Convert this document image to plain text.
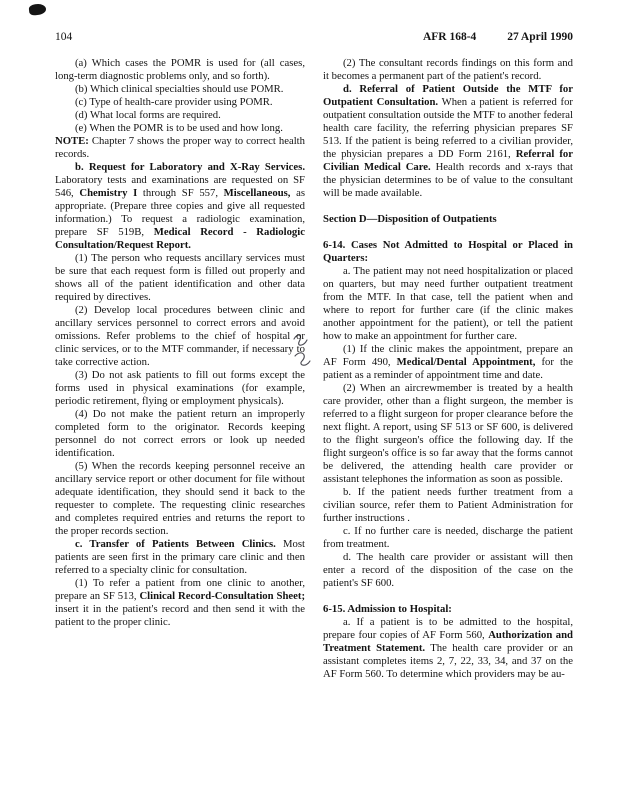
104	AFR 168-4	27 April 1990

(a) Which cases the POMR is used for (all cases, long-term diagnostic problems only, and so forth).

(b) Which clinical specialties should use POMR.

(c) Type of health-care provider using POMR.

(d) What local forms are required.

(e) When the POMR is to be used and how long.

NOTE: Chapter 7 shows the proper way to correct health records.

b. Request for Laboratory and X-Ray Services. Laboratory tests and examinations are requested on SF 546, Chemistry I through SF 557, Miscellaneous, as appropriate. (Prepare three copies and give all requested information.) To request a radiologic examination, prepare SF 519B, Medical Record - Radiologic Consultation/Request Report.

(1) The person who requests ancillary services must be sure that each request form is filled out properly and shows all of the patient identification and other data required by directives.

(2) Develop local procedures between clinic and ancillary services personnel to correct errors and avoid omissions. Refer problems to the chief of hospital or clinic services, or to the MTF commander, if necessary to take corrective action.

(3) Do not ask patients to fill out forms except the forms used in physical examinations (for example, periodic retirement, flying or employment physicals).

(4) Do not make the patient return an improperly completed form to the originator. Records keeping personnel do not correct errors or look up needed identification.

(5) When the records keeping personnel receive an ancillary service report or other document for file without adequate identification, they should send it back to the requester to complete. The requesting clinic researches and completes required entries and returns the report to the proper records section.

c. Transfer of Patients Between Clinics. Most patients are seen first in the primary care clinic and then referred to a specialty clinic for consultation.

(1) To refer a patient from one clinic to another, prepare an SF 513, Clinical Record-Consultation Sheet; insert it in the patient's record and then send it with the patient to the proper clinic.

(2) The consultant records findings on this form and it becomes a permanent part of the patient's record.

d. Referral of Patient Outside the MTF for Outpatient Consultation. When a patient is referred for outpatient consultation outside the MTF to another federal health care facility, the referring physician prepares SF 513. If the patient is being referred to a civilian provider, the physician prepares a DD Form 2161, Referral for Civilian Medical Care. Health records and x-rays that the physician determines to be of value to the consultant will be made available.

Section D—Disposition of Outpatients

6-14. Cases Not Admitted to Hospital or Placed in Quarters:

a. The patient may not need hospitalization or placed on quarters, but may need further outpatient treatment from the MTF. In that case, tell the patient when and where to report for further care (if the clinic makes another appointment for the patient), or tell the patient how to make an appointment for further care.

(1) If the clinic makes the appointment, prepare an AF Form 490, Medical/Dental Appointment, for the patient as a reminder of appointment time and date.

(2) When an aircrewmember is treated by a health care provider, other than a flight surgeon, the member is referred to a flight surgeon for proper clearance before the next flight. A report, using SF 513 or SF 600, is delivered to the flight surgeon's office the following day. If the flight surgeon's office is so far away that the forms cannot be delivered, the attending health care provider or assistant telephones the information as soon as possible.

b. If the patient needs further treatment from a civilian source, refer them to Patient Administration for further instructions .

c. If no further care is needed, discharge the patient from treatment.

d. The health care provider or assistant will then enter a record of the disposition of the case on the patient's SF 600.

6-15. Admission to Hospital:

a. If a patient is to be admitted to the hospital, prepare four copies of AF Form 560, Authorization and Treatment Statement. The health care provider or an assistant completes items 2, 7, 22, 33, 34, and 37 on the AF Form 560. To determine which providers may be au-
